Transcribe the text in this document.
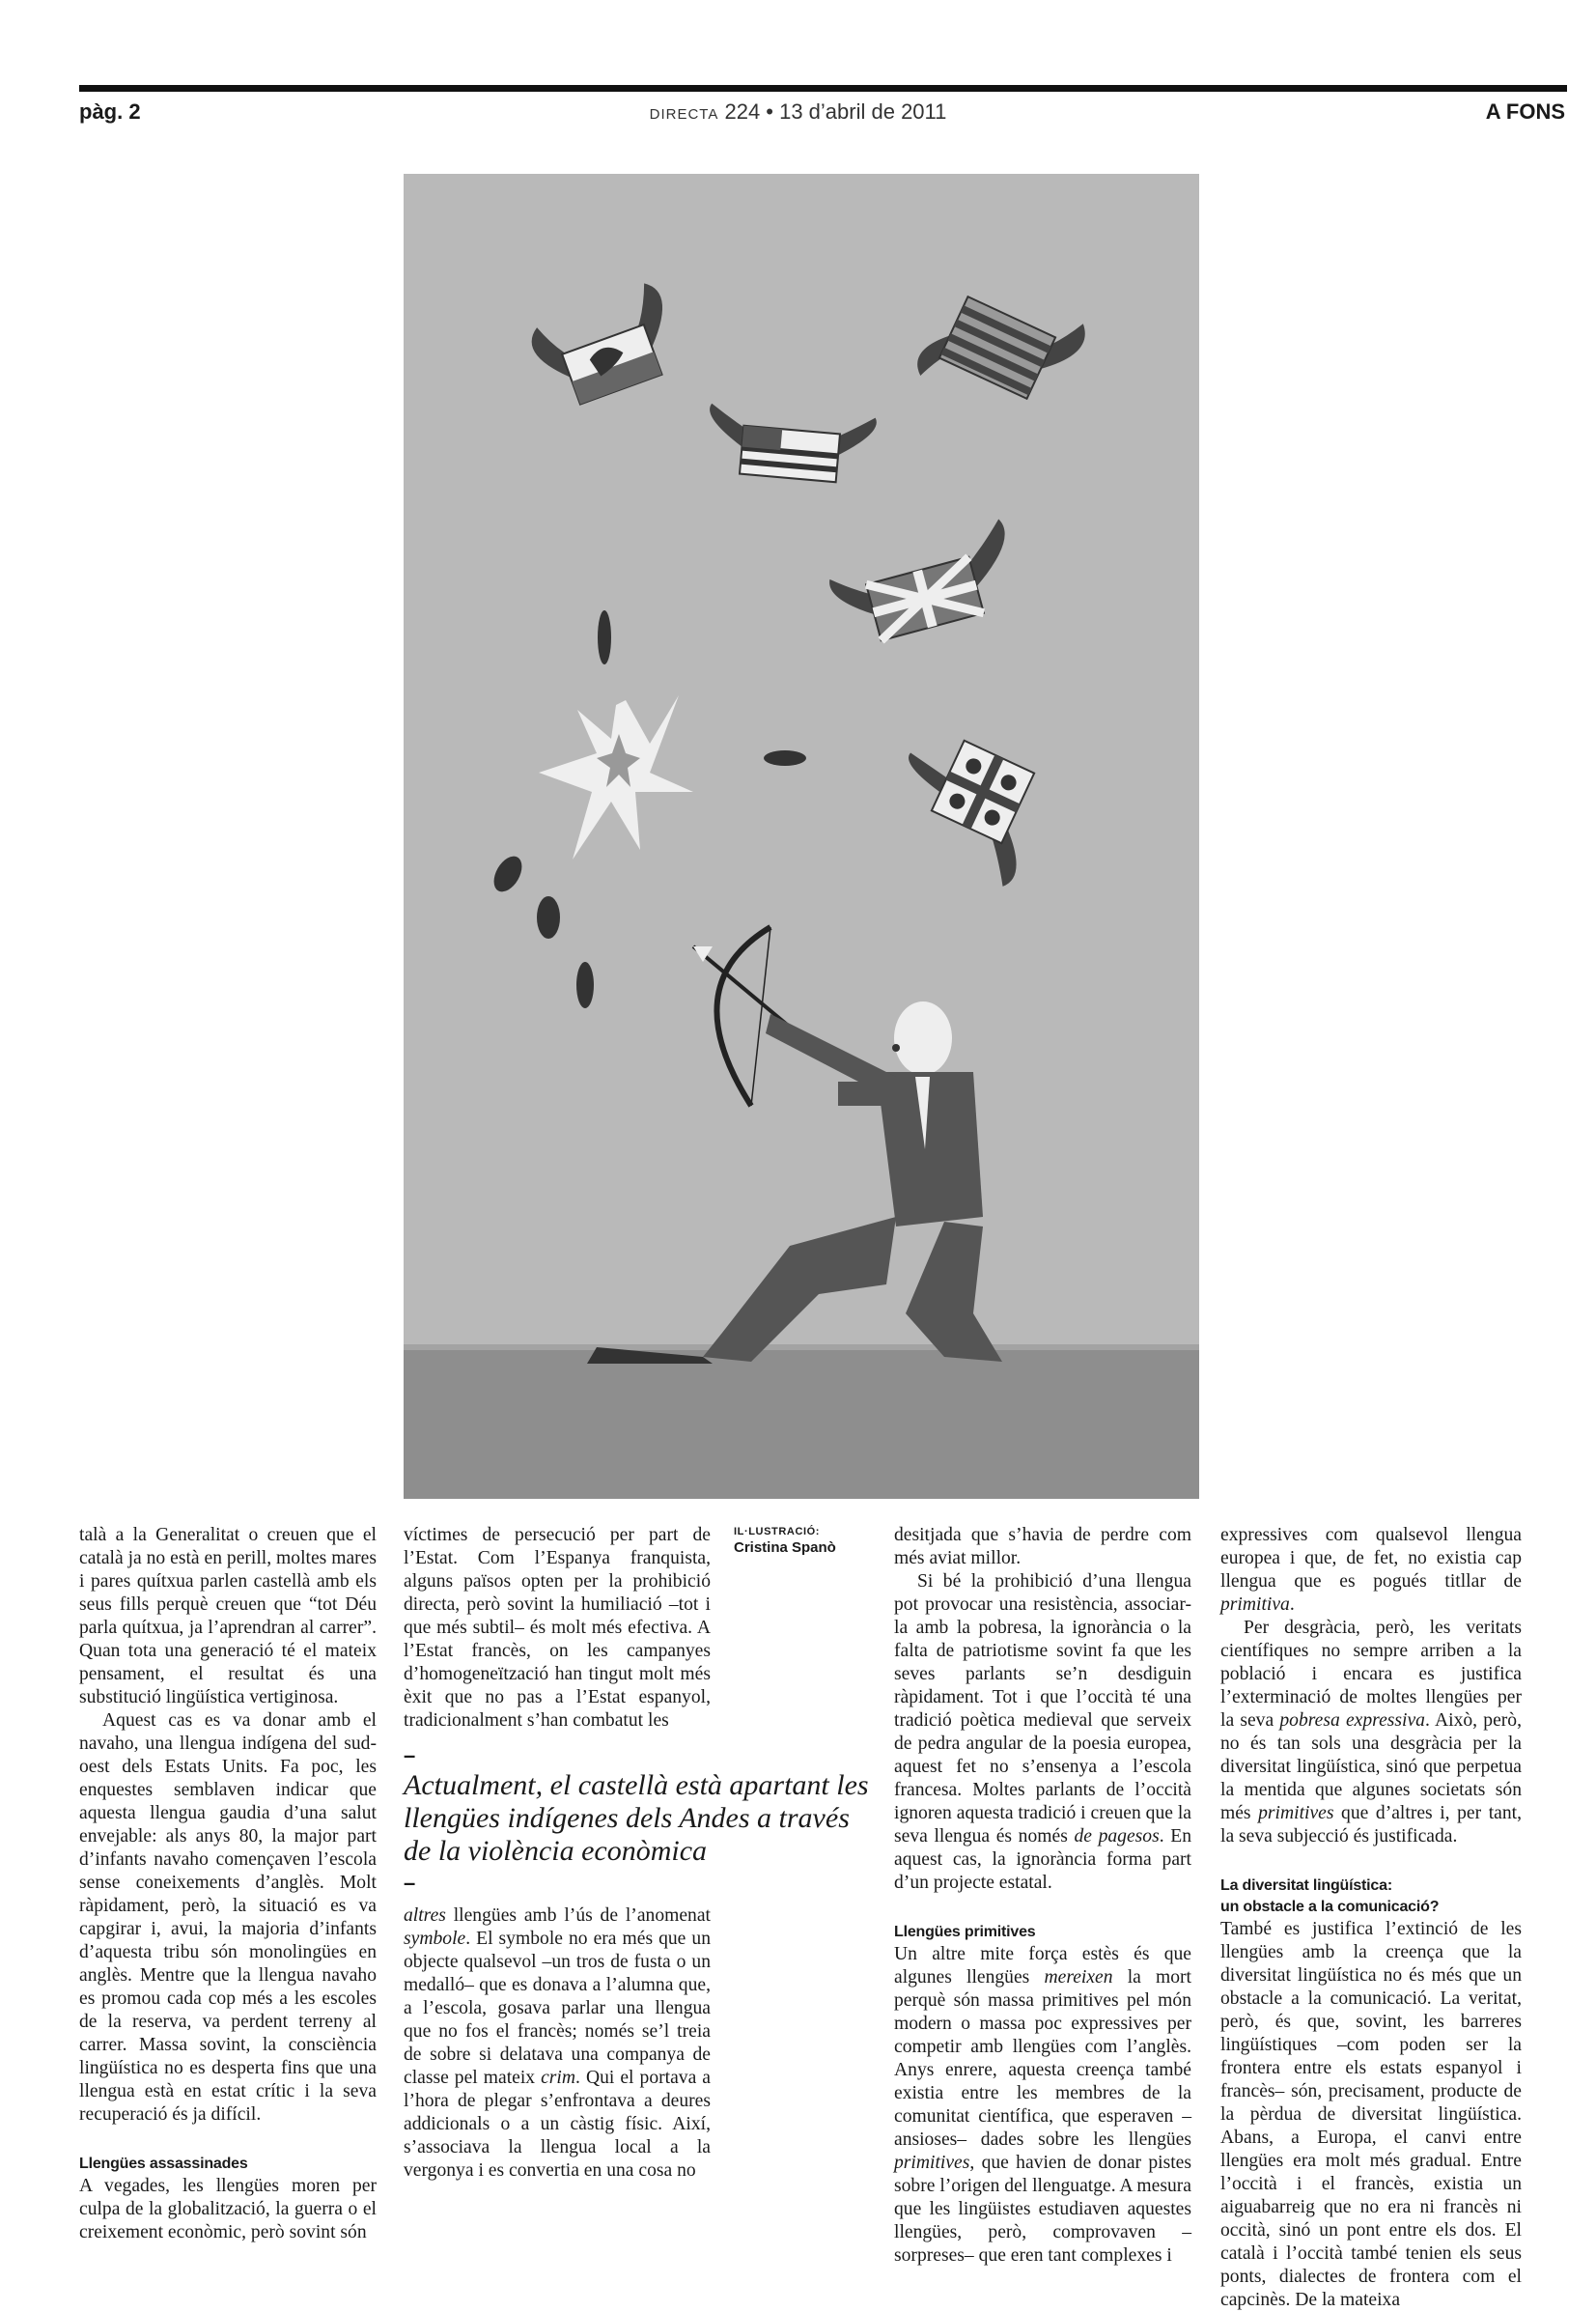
pàg. 2	DIRECTA 224 • 13 d’abril de 2011	A FONS
IL·LUSTRACIÓ:
Cristina Spanò

talà a la Generalitat o creuen que el català ja no està en perill, moltes mares i pares quítxua parlen castellà amb els seus fills perquè creuen que “tot Déu parla quítxua, ja l’aprendran al carrer”. Quan tota una generació té el mateix pensament, el resultat és una substitució lingüística vertiginosa.

Aquest cas es va donar amb el navaho, una llengua indígena del sud-oest dels Estats Units. Fa poc, les enquestes semblaven indicar que aquesta llengua gaudia d’una salut envejable: als anys 80, la major part d’infants navaho començaven l’escola sense coneixements d’anglès. Molt ràpidament, però, la situació es va capgirar i, avui, la majoria d’infants d’aquesta tribu són monolingües en anglès. Mentre que la llengua navaho es promou cada cop més a les escoles de la reserva, va perdent terreny al carrer. Massa sovint, la consciència lingüística no es desperta fins que una llengua està en estat crític i la seva recuperació és ja difícil.

Llengües assassinades

A vegades, les llengües moren per culpa de la globalització, la guerra o el creixement econòmic, però sovint són

víctimes de persecució per part de l’Estat. Com l’Espanya franquista, alguns països opten per la prohibició directa, però sovint la humiliació –tot i que més subtil– és molt més efectiva. A l’Estat francès, on les campanyes d’homogeneïtzació han tingut molt més èxit que no pas a l’Estat espanyol, tradicionalment s’han combatut les

–
Actualment, el castellà està apartant les llengües indígenes dels Andes a través de la violència econòmica
–

altres llengües amb l’ús de l’anomenat symbole. El symbole no era més que un objecte qualsevol –un tros de fusta o un medalló– que es donava a l’alumna que, a l’escola, gosava parlar una llengua que no fos el francès; només se’l treia de sobre si delatava una companya de classe pel mateix crim. Qui el portava a l’hora de plegar s’enfrontava a deures addicionals o a un càstig físic. Així, s’associava la llengua local a la vergonya i es convertia en una cosa no

desitjada que s’havia de perdre com més aviat millor.

Si bé la prohibició d’una llengua pot provocar una resistència, associar-la amb la pobresa, la ignorància o la falta de patriotisme sovint fa que les seves parlants se’n desdiguin ràpidament. Tot i que l’occità té una tradició poètica medieval que serveix de pedra angular de la poesia europea, aquest fet no s’ensenya a l’escola francesa. Moltes parlants de l’occità ignoren aquesta tradició i creuen que la seva llengua és només de pagesos. En aquest cas, la ignorància forma part d’un projecte estatal.

Llengües primitives

Un altre mite força estès és que algunes llengües mereixen la mort perquè són massa primitives pel món modern o massa poc expressives per competir amb llengües com l’anglès. Anys enrere, aquesta creença també existia entre les membres de la comunitat científica, que esperaven –ansioses– dades sobre les llengües primitives, que havien de donar pistes sobre l’origen del llenguatge. A mesura que les lingüistes estudiaven aquestes llengües, però, comprovaven –sorpreses– que eren tant complexes i

expressives com qualsevol llengua europea i que, de fet, no existia cap llengua que es pogués titllar de primitiva.

Per desgràcia, però, les veritats científiques no sempre arriben a la població i encara es justifica l’exterminació de moltes llengües per la seva pobresa expressiva. Això, però, no és tan sols una desgràcia per la diversitat lingüística, sinó que perpetua la mentida que algunes societats són més primitives que d’altres i, per tant, la seva subjecció és justificada.

La diversitat lingüística:
un obstacle a la comunicació?

També es justifica l’extinció de les llengües amb la creença que la diversitat lingüística no és més que un obstacle a la comunicació. La veritat, però, és que, sovint, les barreres lingüístiques –com poden ser la frontera entre els estats espanyol i francès– són, precisament, producte de la pèrdua de diversitat lingüística. Abans, a Europa, el canvi entre llengües era molt més gradual. Entre l’occità i el francès, existia un aiguabarreig que no era ni francès ni occità, sinó un pont entre els dos. El català i l’occità també tenien els seus ponts, dialectes de frontera com el capcinès. De la mateixa
